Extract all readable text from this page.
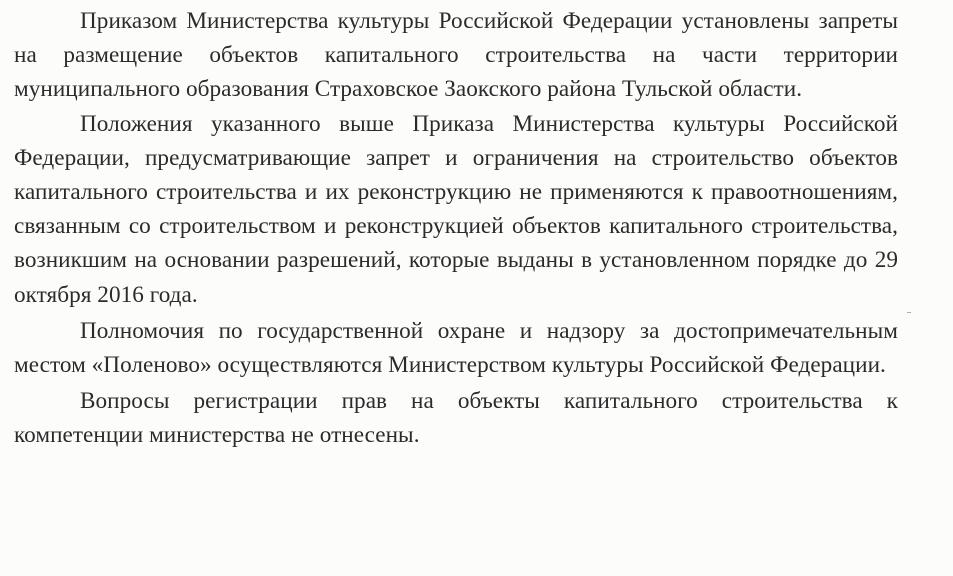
Приказом Министерства культуры Российской Федерации установлены запреты на размещение объектов капитального строительства на части территории муниципального образования Страховское Заокского района Тульской области.

Положения указанного выше Приказа Министерства культуры Российской Федерации, предусматривающие запрет и ограничения на строительство объектов капитального строительства и их реконструкцию не применяются к правоотношениям, связанным со строительством и реконструкцией объектов капитального строительства, возникшим на основании разрешений, которые выданы в установленном порядке до 29 октября 2016 года.

Полномочия по государственной охране и надзору за достопримечательным местом «Поленово» осуществляются Министерством культуры Российской Федерации.

Вопросы регистрации прав на объекты капитального строительства к компетенции министерства не отнесены.
